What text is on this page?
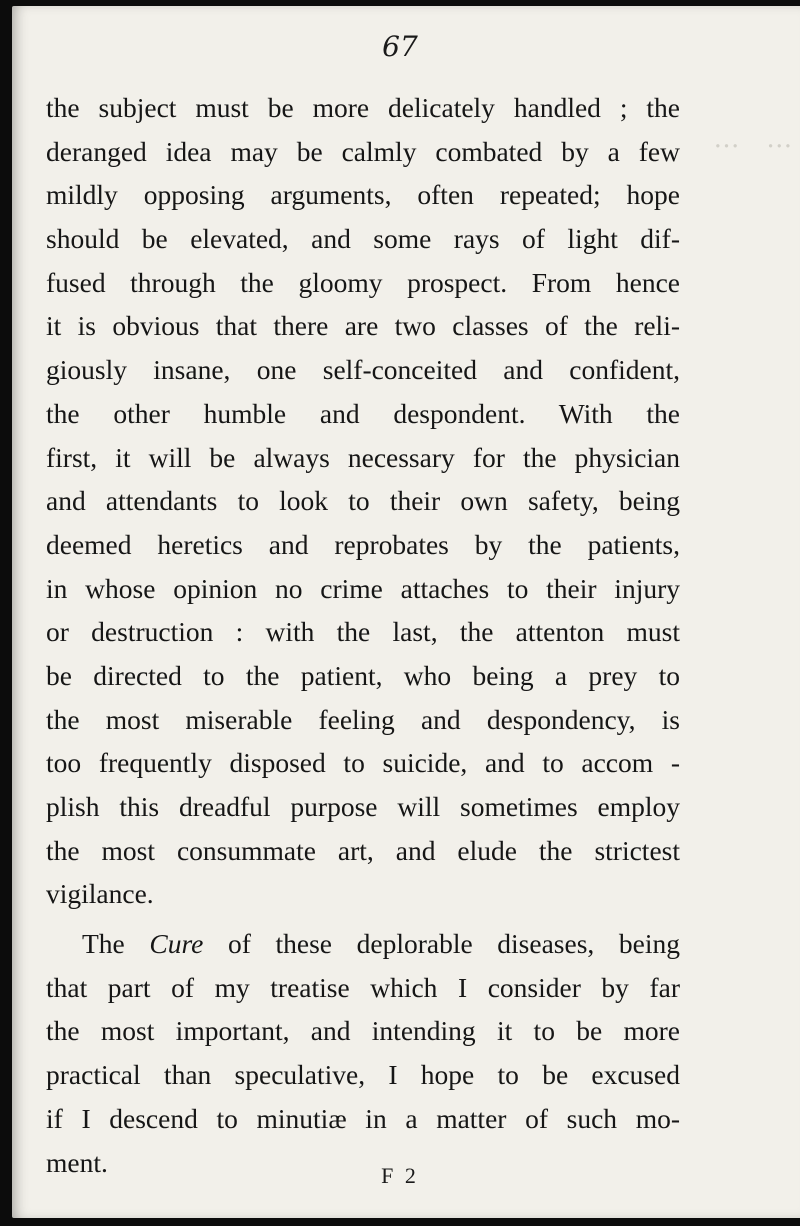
…   …
67
the subject must be more delicately handled ; the
deranged idea may be calmly combated by a few
mildly opposing arguments, often repeated; hope
should be elevated, and some rays of light dif-
fused through the gloomy prospect. From hence
it is obvious that there are two classes of the reli-
giously insane, one self-conceited and confident,
the other humble and despondent. With the
first, it will be always necessary for the physician
and attendants to look to their own safety, being
deemed heretics and reprobates by the patients,
in whose opinion no crime attaches to their injury
or destruction : with the last, the attenton must
be directed to the patient, who being a prey to
the most miserable feeling and despondency, is
too frequently disposed to suicide, and to accom -
plish this dreadful purpose will sometimes employ
the most consummate art, and elude the strictest
vigilance.
The Cure of these deplorable diseases, being
that part of my treatise which I consider by far
the most important, and intending it to be more
practical than speculative, I hope to be excused
if I descend to minutiæ in a matter of such mo-
ment.	F 2
